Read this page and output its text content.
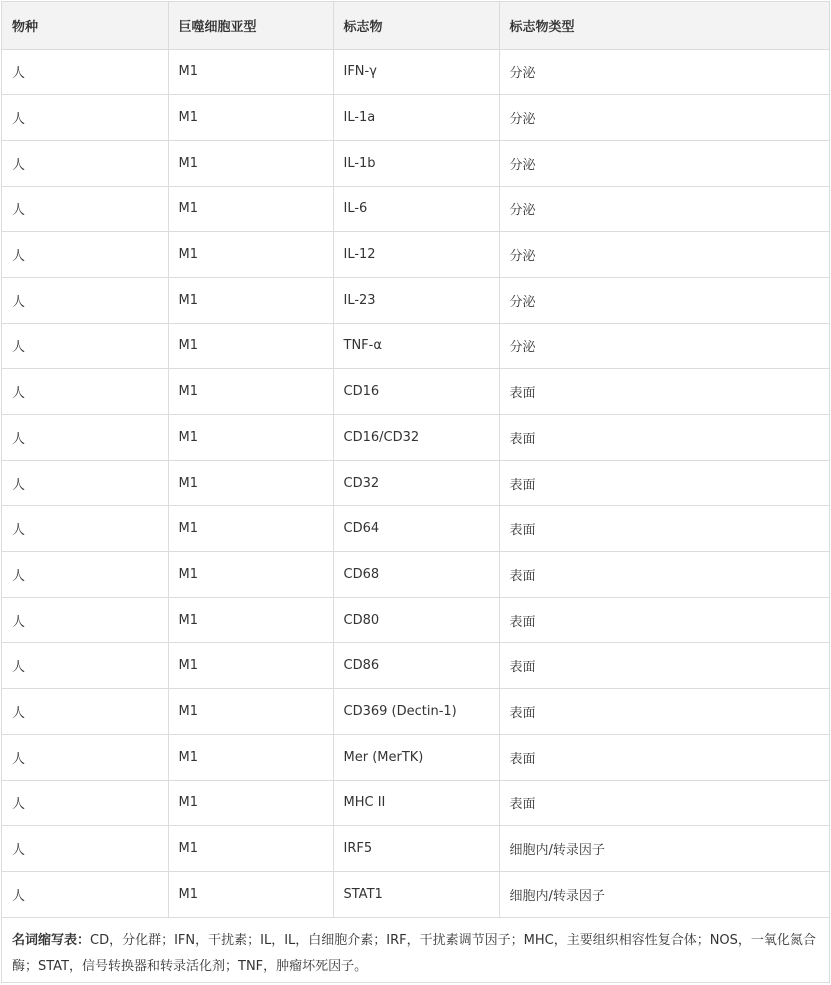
物种	巨噬细胞亚型	标志物	标志物类型
人	M1	IFN-γ	分泌
人	M1	IL-1a	分泌
人	M1	IL-1b	分泌
人	M1	IL-6	分泌
人	M1	IL-12	分泌
人	M1	IL-23	分泌
人	M1	TNF-α	分泌
人	M1	CD16	表面
人	M1	CD16/CD32	表面
人	M1	CD32	表面
人	M1	CD64	表面
人	M1	CD68	表面
人	M1	CD80	表面
人	M1	CD86	表面
人	M1	CD369 (Dectin-1)	表面
人	M1	Mer (MerTK)	表面
人	M1	MHC II	表面
人	M1	IRF5	细胞内/转录因子
人	M1	STAT1	细胞内/转录因子
名词缩写表：CD，分化群；IFN，干扰素；IL，IL，白细胞介素；IRF，干扰素调节因子；MHC，主要组织相容性复合体；NOS，一氧化氮合酶；STAT，信号转换器和转录活化剂；TNF，肿瘤坏死因子。
